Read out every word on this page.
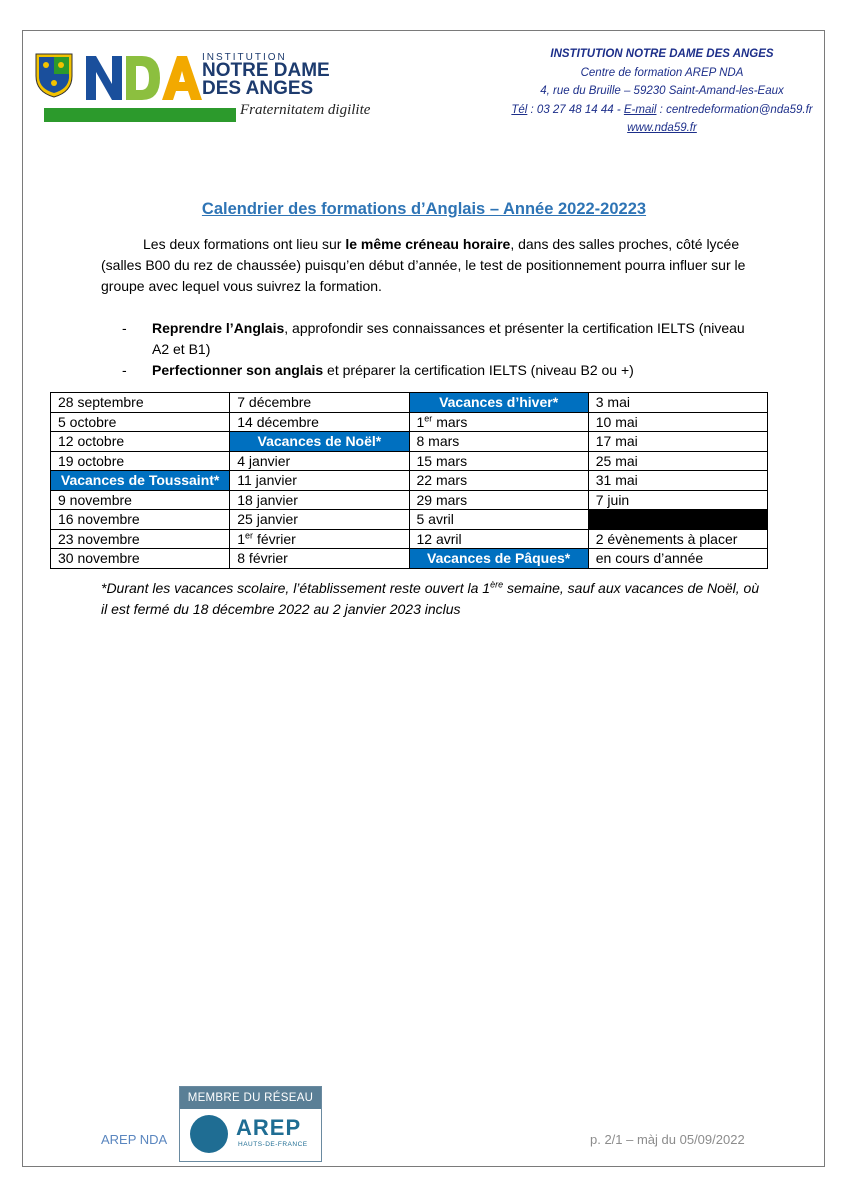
INSTITUTION
NOTRE DAME
DES ANGES
Fraternitatem digilite
INSTITUTION NOTRE DAME DES ANGES
Centre de formation AREP NDA
4, rue du Bruille – 59230 Saint-Amand-les-Eaux
Tél : 03 27 48 14 44 - E-mail : centredeformation@nda59.fr
www.nda59.fr
Calendrier des formations d’Anglais – Année 2022-20223

Les deux formations ont lieu sur le même créneau horaire, dans des salles proches, côté lycée (salles B00 du rez de chaussée) puisqu’en début d’année, le test de positionnement pourra influer sur le groupe avec lequel vous suivrez la formation.

-	Reprendre l’Anglais, approfondir ses connaissances et présenter la certification IELTS (niveau A2 et B1)
-	Perfectionner son anglais et préparer la certification IELTS (niveau B2 ou +)
28 septembre	7 décembre	Vacances d’hiver*	3 mai
5 octobre	14 décembre	1er mars	10 mai
12 octobre	Vacances de Noël*	8 mars	17 mai
19 octobre	4 janvier	15 mars	25 mai
Vacances de Toussaint*	11 janvier	22 mars	31 mai
9 novembre	18 janvier	29 mars	7 juin
16 novembre	25 janvier	5 avril	
23 novembre	1er février	12 avril	2 évènements à placer
30 novembre	8 février	Vacances de Pâques*	en cours d’année
*Durant les vacances scolaire, l’établissement reste ouvert la 1ère semaine, sauf aux vacances de Noël, où il est fermé du 18 décembre 2022 au 2 janvier 2023 inclus
AREP NDA
MEMBRE DU RÉSEAU
AREP
HAUTS-DE-FRANCE	p. 2/1 – màj du 05/09/2022
